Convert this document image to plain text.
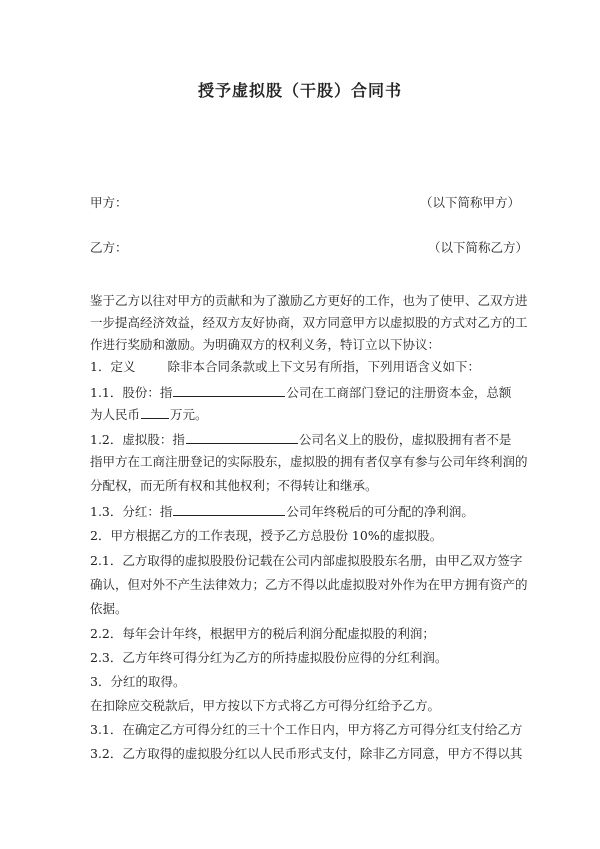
授予虚拟股（干股）合同书
甲方：	（以下简称甲方）
乙方：	（以下简称乙方）
鉴于乙方以往对甲方的贡献和为了激励乙方更好的工作，也为了使甲、乙双方进
一步提高经济效益，经双方友好协商，双方同意甲方以虚拟股的方式对乙方的工
作进行奖励和激励。为明确双方的权利义务，特订立以下协议：
1．定义	除非本合同条款或上下文另有所指，下列用语含义如下：
1.1．股份：指	公司在工商部门登记的注册资本金，总额
为人民币 万元。
1.2．虚拟股：指	公司名义上的股份，虚拟股拥有者不是
指甲方在工商注册登记的实际股东，虚拟股的拥有者仅享有参与公司年终利润的
分配权，而无所有权和其他权利；不得转让和继承。
1.3．分红：指	公司年终税后的可分配的净利润。
2．甲方根据乙方的工作表现，授予乙方总股份 10%的虚拟股。
2.1．乙方取得的虚拟股股份记载在公司内部虚拟股股东名册，由甲乙双方签字
确认，但对外不产生法律效力；乙方不得以此虚拟股对外作为在甲方拥有资产的
依据。
2.2．每年会计年终，根据甲方的税后利润分配虚拟股的利润；
2.3．乙方年终可得分红为乙方的所持虚拟股份应得的分红利润。
3．分红的取得。
在扣除应交税款后，甲方按以下方式将乙方可得分红给予乙方。
3.1．在确定乙方可得分红的三十个工作日内，甲方将乙方可得分红支付给乙方
3.2．乙方取得的虚拟股分红以人民币形式支付，除非乙方同意，甲方不得以其
